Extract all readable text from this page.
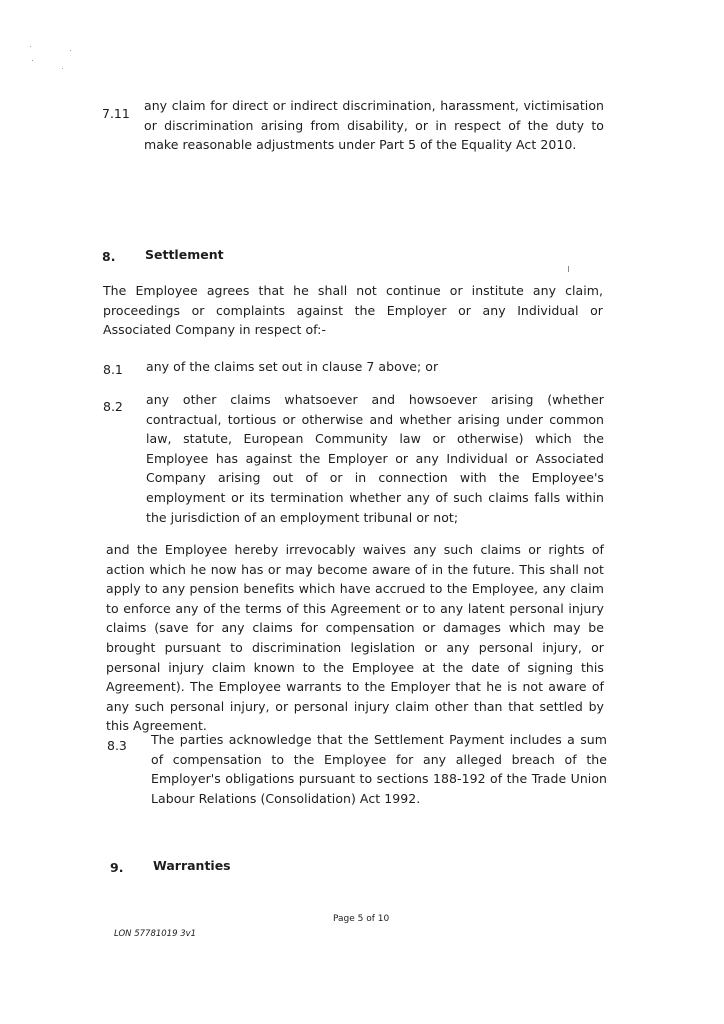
7.11
any claim for direct or indirect discrimination, harassment, victimisation or discrimination arising from disability, or in respect of the duty to make reasonable adjustments under Part 5 of the Equality Act 2010.
8. Settlement
The Employee agrees that he shall not continue or institute any claim, proceedings or complaints against the Employer or any Individual or Associated Company in respect of:-
8.1 any of the claims set out in clause 7 above; or
8.2 any other claims whatsoever and howsoever arising (whether contractual, tortious or otherwise and whether arising under common law, statute, European Community law or otherwise) which the Employee has against the Employer or any Individual or Associated Company arising out of or in connection with the Employee's employment or its termination whether any of such claims falls within the jurisdiction of an employment tribunal or not;
and the Employee hereby irrevocably waives any such claims or rights of action which he now has or may become aware of in the future. This shall not apply to any pension benefits which have accrued to the Employee, any claim to enforce any of the terms of this Agreement or to any latent personal injury claims (save for any claims for compensation or damages which may be brought pursuant to discrimination legislation or any personal injury, or personal injury claim known to the Employee at the date of signing this Agreement). The Employee warrants to the Employer that he is not aware of any such personal injury, or personal injury claim other than that settled by this Agreement.
8.3 The parties acknowledge that the Settlement Payment includes a sum of compensation to the Employee for any alleged breach of the Employer's obligations pursuant to sections 188-192 of the Trade Union Labour Relations (Consolidation) Act 1992.
9. Warranties
Page 5 of 10
LON 57781019 3v1
